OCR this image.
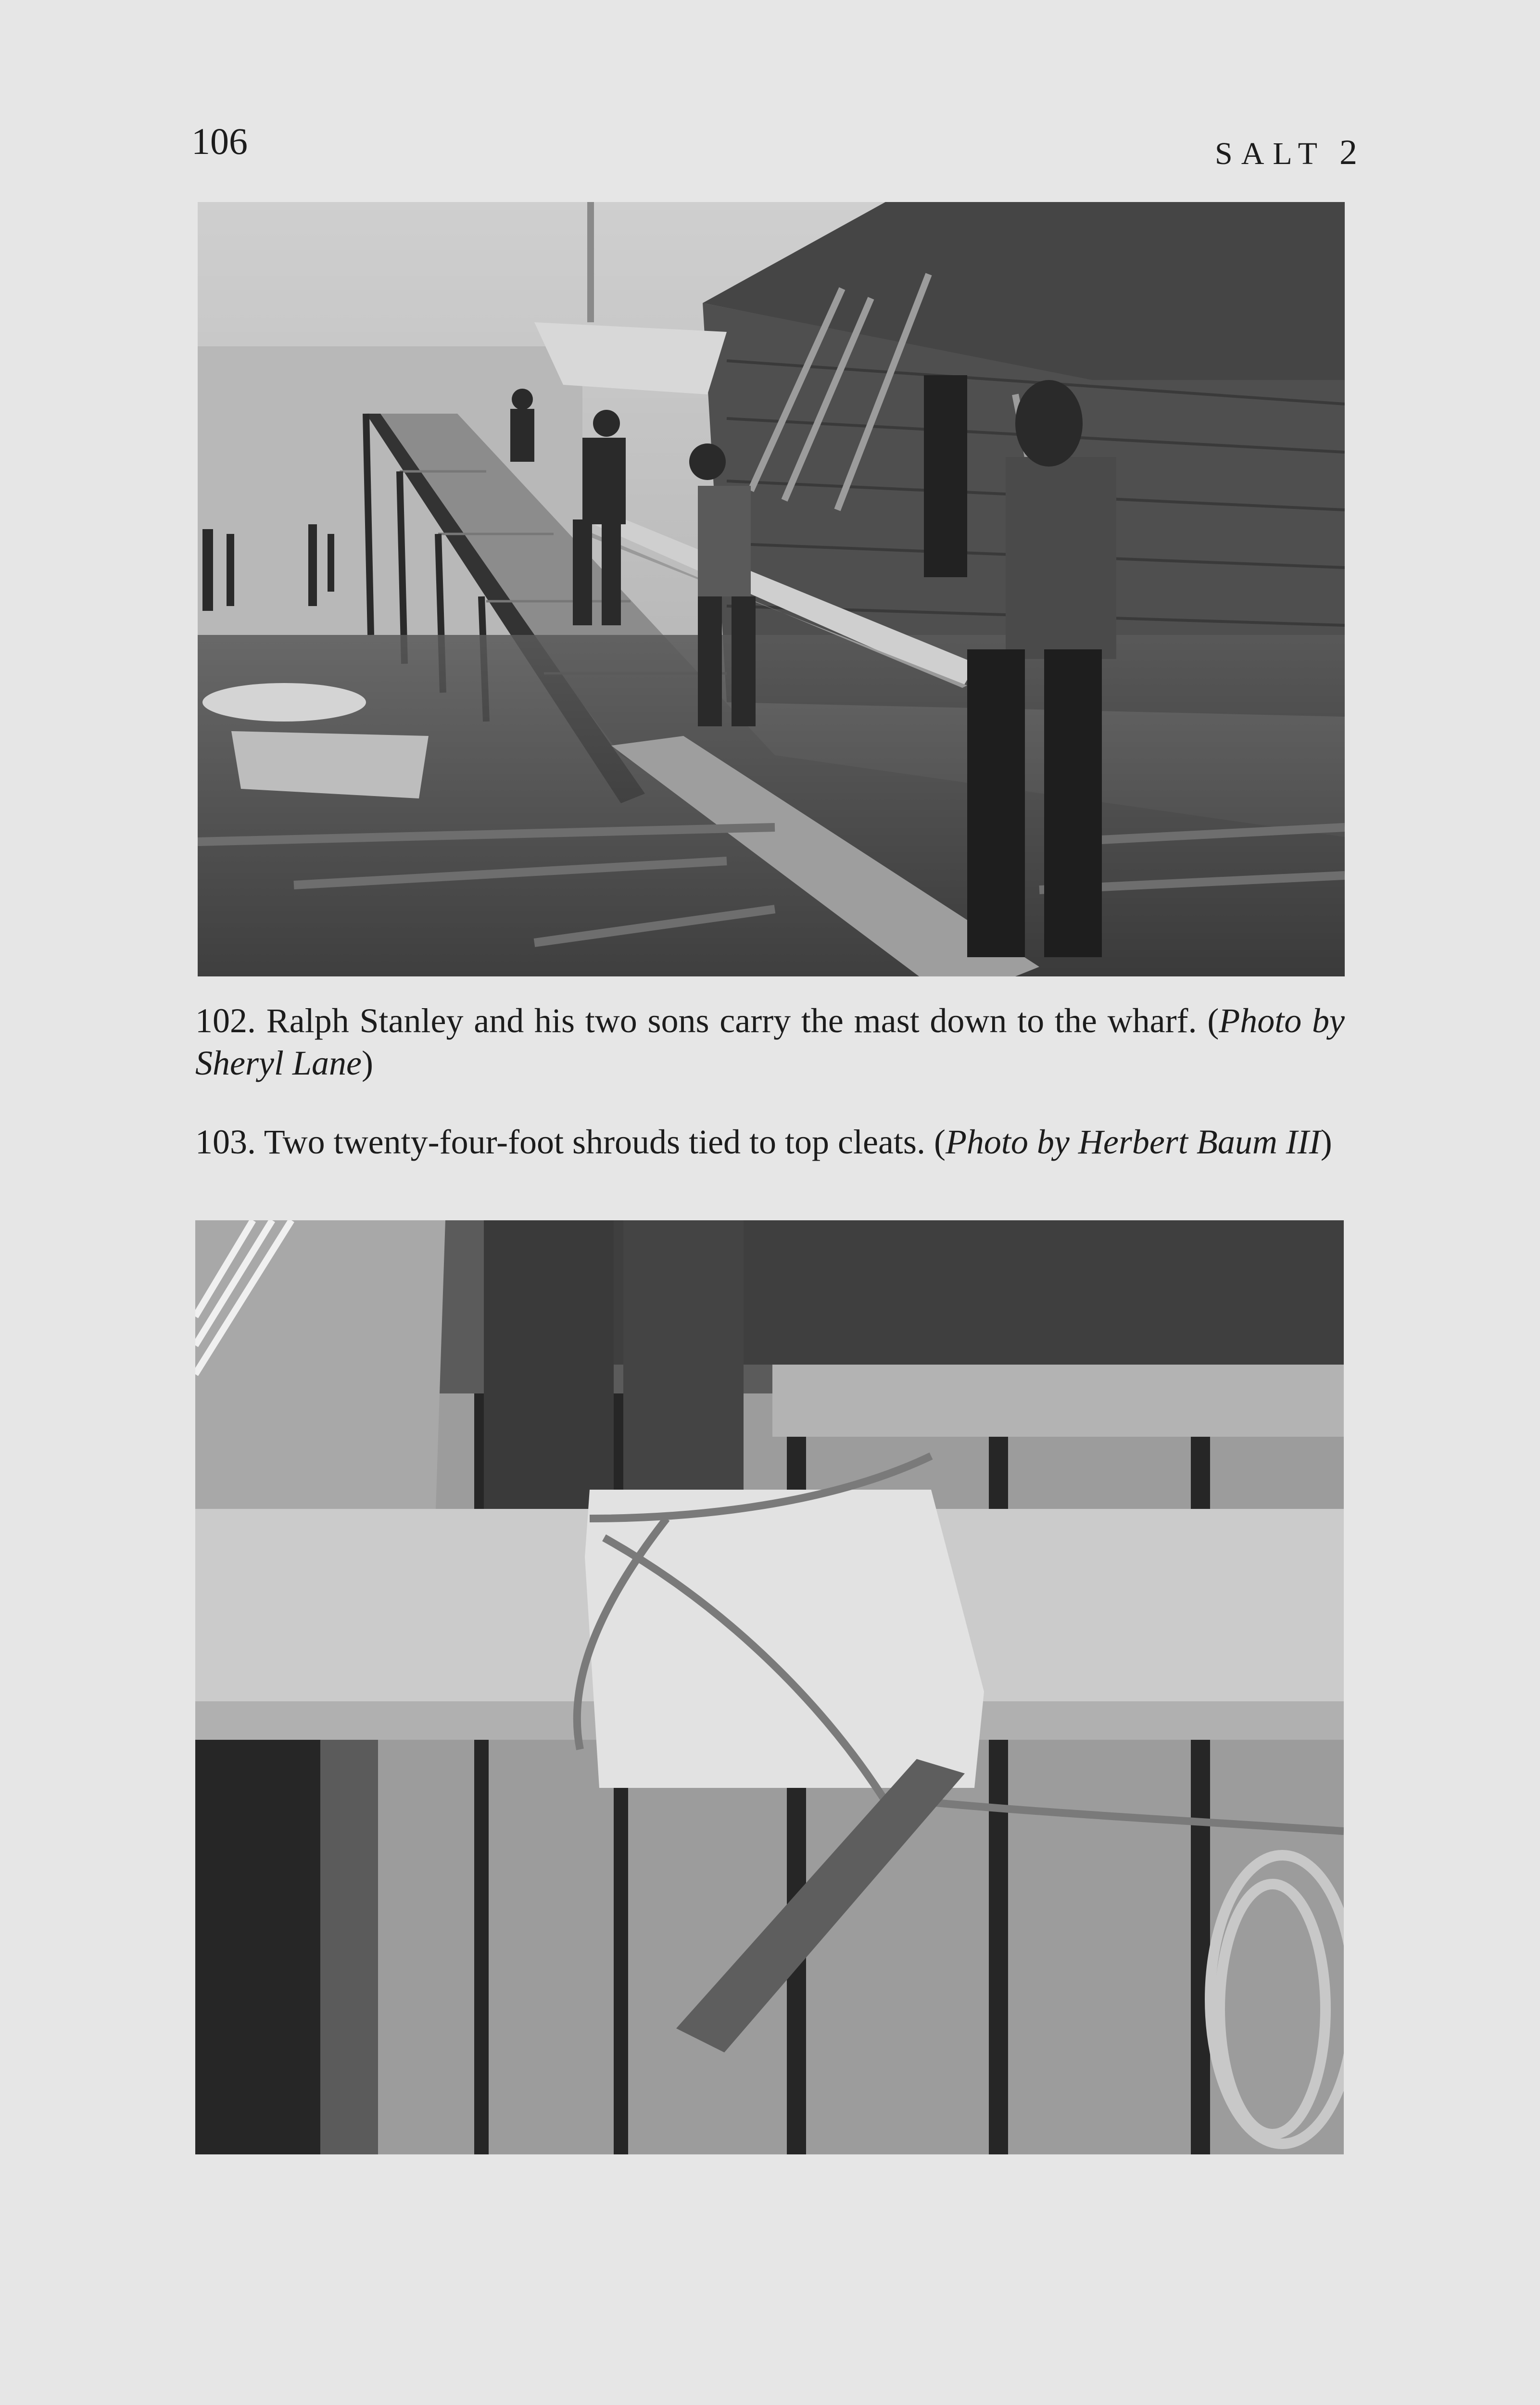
106	SALT 2
102. Ralph Stanley and his two sons carry the mast down to the wharf. (Photo by Sheryl Lane)
103. Two twenty-four-foot shrouds tied to top cleats. (Photo by Herbert Baum III)
